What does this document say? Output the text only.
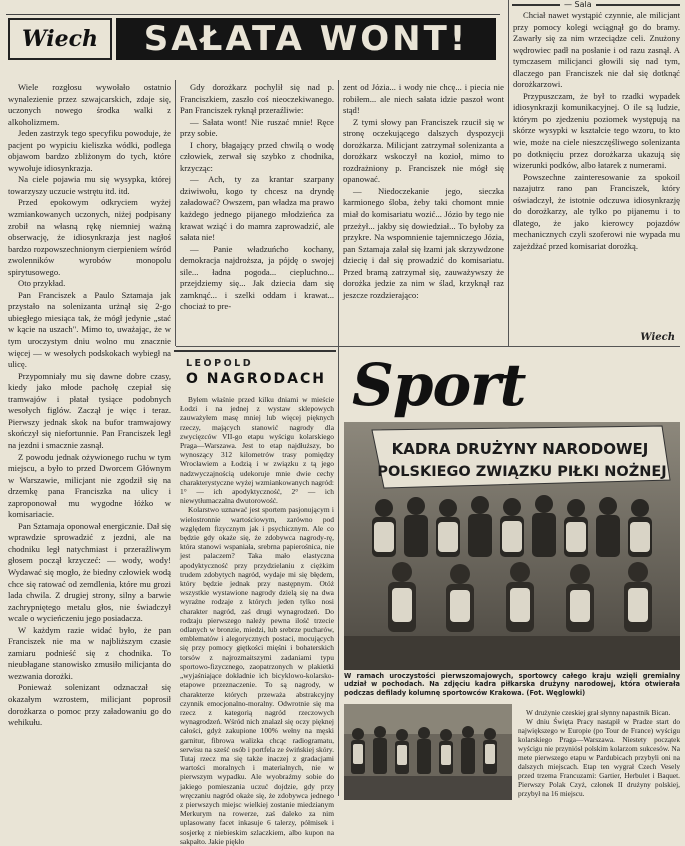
Wiech	SAŁATA WONT!
— Sala

Wiele rozgłosu wywołało ostatnio wynalezienie przez szwajcarskich, zdaje się, uczonych nowego środka walki z alkoholizmem.

Jeden zastrzyk tego specyfiku powoduje, że pacjent po wypiciu kieliszka wódki, podlega objawom bardzo zbliżonym do tych, które wywołuje idiosynkrazja.

Na ciele pojawia mu się wysypka, której towarzyszy uczucie wstrętu itd. itd.

Przed epokowym odkryciem wyżej wzmiankowanych uczonych, niżej podpisany zrobił na własną rękę niemniej ważną obserwację, że idiosynkrazja jest nagłoś bardzo rozpowszechnionym cierpieniem wśród zwolenników wyrobów monopolu spirytusowego.

Oto przykład.

Pan Franciszek a Paulo Sztamaja jak przystało na solenizanta urżnął się 2-go ubiegłego miesiąca tak, że mógł jedynie „stać w kącie na uszach". Mimo to, uważając, że w tym uroczystym dniu wolno mu znacznie więcej — w wesołych podskokach wybiegł na ulicę.

Przypomniały mu się dawne dobre czasy, kiedy jako młode pachołę czepiał się tramwajów i płatał tysiące podobnych wesołych figlów. Zaczął je więc i teraz. Pierwszy jednak skok na bufor tramwajowy skończył się niefortunnie. Pan Franciszek legł na jezdni i smacznie zasnął.

Z powodu jednak ożywionego ruchu w tym miejscu, a było to przed Dworcem Głównym w Warszawie, milicjant nie zgodził się na drzemkę pana Franciszka na ulicy i zaproponował mu wygodne łóżko w komisariacie.

Pan Sztamaja oponował energicznie. Dał się wprawdzie sprowadzić z jezdni, ale na chodniku legł natychmiast i przeraźliwym głosem począł krzyczeć: — wody, wody! Wydawać się mogło, że biedny człowiek wodą chce się ratować od zemdlenia, które mu grozi lada chwila. Z drugiej strony, silny a barwie zachrypniętego metalu głos, nie świadczył wcale o wycieńczeniu jego posiadacza.

W każdym razie widać było, że pan Franciszek nie ma w najbliższym czasie zamiaru podnieść się z chodnika. To nieubłagane stanowisko zmusiło milicjanta do wezwania dorożki.

Ponieważ solenizant odznaczał się okazałym wzrostem, milicjant poprosił dorożkarza o pomoc przy załadowaniu go do wehikułu.

Gdy dorożkarz pochylił się nad p. Franciszkiem, zaszło coś nieoczekiwanego. Pan Franciszek ryknął przeraźliwie:

— Sałata wont! Nie ruszać mnie! Ręce przy sobie.

I chory, błagający przed chwilą o wodę człowiek, zerwał się szybko z chodnika, krzycząc:

— Ach, ty za krantar szarpany dziwiwołu, kogo ty chcesz na dryndę załadować? Owszem, pan władza ma prawo każdego jednego pijanego młodzieńca za krawat wziąć i do mamra zaprowadzić, ale sałata nie!

— Panie władzuńcho kochany, demokracja najdroższa, ja pójdę o swojej sile... ładna pogoda... ciepluchno... przejdziemy się... Jak dziecia dam się zamknąć... i szelki oddam i krawat... chociaż to pre-

zent od Józia... i wody nie chcę... i piecia nie robiłem... ale niech sałata idzie paszoł wont stąd!

Z tymi słowy pan Franciszek rzucił się w stronę oczekującego dalszych dyspozycji dorożkarza. Milicjant zatrzymał solenizanta a dorożkarz wskoczył na kozioł, mimo to rozdrażniony p. Franciszek nie mógł się opanować.

— Niedoczekanie jego, sieczka karmionego śloba, żeby taki chomont mnie miał do komisariatu wozić... Józio by tego nie przeżył... jakby się dowiedział... To byłoby za przykre. Na wspomnienie tajemniczego Józia, pan Sztamaja załał się łzami jak skrzywdzone dziecię i dał się prowadzić do komisariatu. Przed bramą zatrzymał się, zauważywszy że dorożka jedzie za nim w ślad, krzyknął raz jeszcze rozdzierająco:

Chciał nawet wystąpić czynnie, ale milicjant przy pomocy kolegi wciągnął go do bramy. Zawarły się za nim wrzeciądze celi. Znużony wędrowiec padł na posłanie i od razu zasnął. A tymczasem milicjanci głowili się nad tym, dlaczego pan Franciszek nie dał się dotknąć dorożkarzowi.

Przypuszczam, że był to rzadki wypadek idiosynkrazji komunikacyjnej. O ile są ludzie, którym po zjedzeniu poziomek występują na skórze wysypki w kształcie tego wzoru, to kto wie, może na ciele nieszczęśliwego solenizanta po dotknięciu przez dorożkarza ukazują się wizerunki podków, albo łatarek z numerami.

Powszechne zainteresowanie za spokoil nazajutrz rano pan Franciszek, który oświadczył, że istotnie odczuwa idiosynkrazję do dorożkarzy, ale tylko po pijanemu i to dlatego, że jako kierowcy pojazdów mechanicznych czyli szoferowi nie wypada mu zajeżdżać przed komisariat dorożką.

Wiech
LEOPOLD
O NAGRODACH

Byłem właśnie przed kilku dniami w mieście Łodzi i na jednej z wystaw sklepowych zauważyłem masę mniej lub więcej pięknych rzeczy, mających stanowić nagrody dla zwycięzców VII-go etapu wyścigu kolarskiego Praga—Warszawa. Jest to etap najdłuższy, bo wynoszący 312 kilometrów trasy pomiędzy Wrocławiem a Łodzią i w związku z tą jego nadzwyczajnością udekoruje mnie dwie cechy charakterystyczne wyżej wzmiankowanych nagród: 1° — ich apodyktyczność, 2° — ich niewytłumaczalna dwutorowość.

Kolarstwo uznawać jest sportem pasjonującym i wielostronnie wartościowym, zarówno pod względem fizycznym jak i psychicznym. Ale co będzie gdy okaże się, że zdobywca nagrody-rę, która stanowi wspaniała, srebrna papierośnica, nie jest palaczem? Taka mało elastyczna apodyktyczność przy przydzielaniu z ciężkim trudem zdobytych nagród, wydaje mi się błędem, który będzie jednak przy następnym. Otóż wszystkie wystawione nagrody dzielą się na dwa wyraźne rodzaje z których jeden tylko nosi charakter nagród, zaś drugi wynagrodzeń. Do rodzaju pierwszego należy pewna ilość trzecie odlanych w bronzie, miedzi, lub srebrze pucharów, emblematów i alegorycznych postaci, mocujących się przy pomocy giętkości mięśni i bohaterskich torsów z najrozmaitszymi zadaniami typu sportowo-fizycznego, zaopatrzonych w plakietki „wyjaśniające dokładnie ich bicyklowo-kolarsko-etapowe przeznaczenie. To są nagrody, w charakterze których przeważa abstrakcyjny czynnik emocjonalno-moralny. Odwrotnie się ma rzecz z kategorią nagród rzeczowych wynagrodzeń. Wśród nich znalazł się oczy pięknej całości, gdyż zakupione 100% wełny na męski garnitur, fibrowa walizka chcąc radiogramatu, serwisu na sześć osób i portfela ze świńskiej skóry. Tutaj rzecz ma się także inaczej z gradacjami wartości moralnych i materialnych, nie w pierwszym wypadku. Ale wyobraźmy sobie do jakiego pomieszania uczuć dojdzie, gdy przy wręczaniu nagród okaże się, że zdobywca jednego z pierwszych miejsc wielkiej zostanie miedzianym Merkurym na rowerze, zaś daleko za nim uplasowany facet inkasuje 6 talerzy, półmisek i sosjerkę z niebieskim szlaczkiem, albo kupon na sakpałto. Jakie piękło

Sport
KADRA DRUŻYNY NARODOWEJ
POLSKIEGO ZWIĄZKU PIŁKI NOŻNEJ
W ramach uroczystości pierwszomajowych, sportowcy całego kraju wzięli gremialny udział w pochodach. Na zdjęciu kadra piłkarska drużyny narodowej, która otwierała podczas defilady kolumnę sportowców Krakowa. (Fot. Węglowki)

W drużynie czeskiej grał słynny napastnik Bican.

W dniu Święta Pracy nastąpił w Pradze start do największego w Europie (po Tour de France) wyścigu kolarskiego Praga—Warszawa. Niestety początek wyścigu nie przyniósł polskim kolarzom sukcesów. Na mete pierwszego etapu w Pardubicach przybyli oni na dalszych miejscach. Etap ten wygrał Czech Vesely przed trzema Francuzami: Gartier, Herbulet i Baquet. Pierwszy Polak Czyż, członek II drużyny polskiej, przybył na 16 miejscu.
